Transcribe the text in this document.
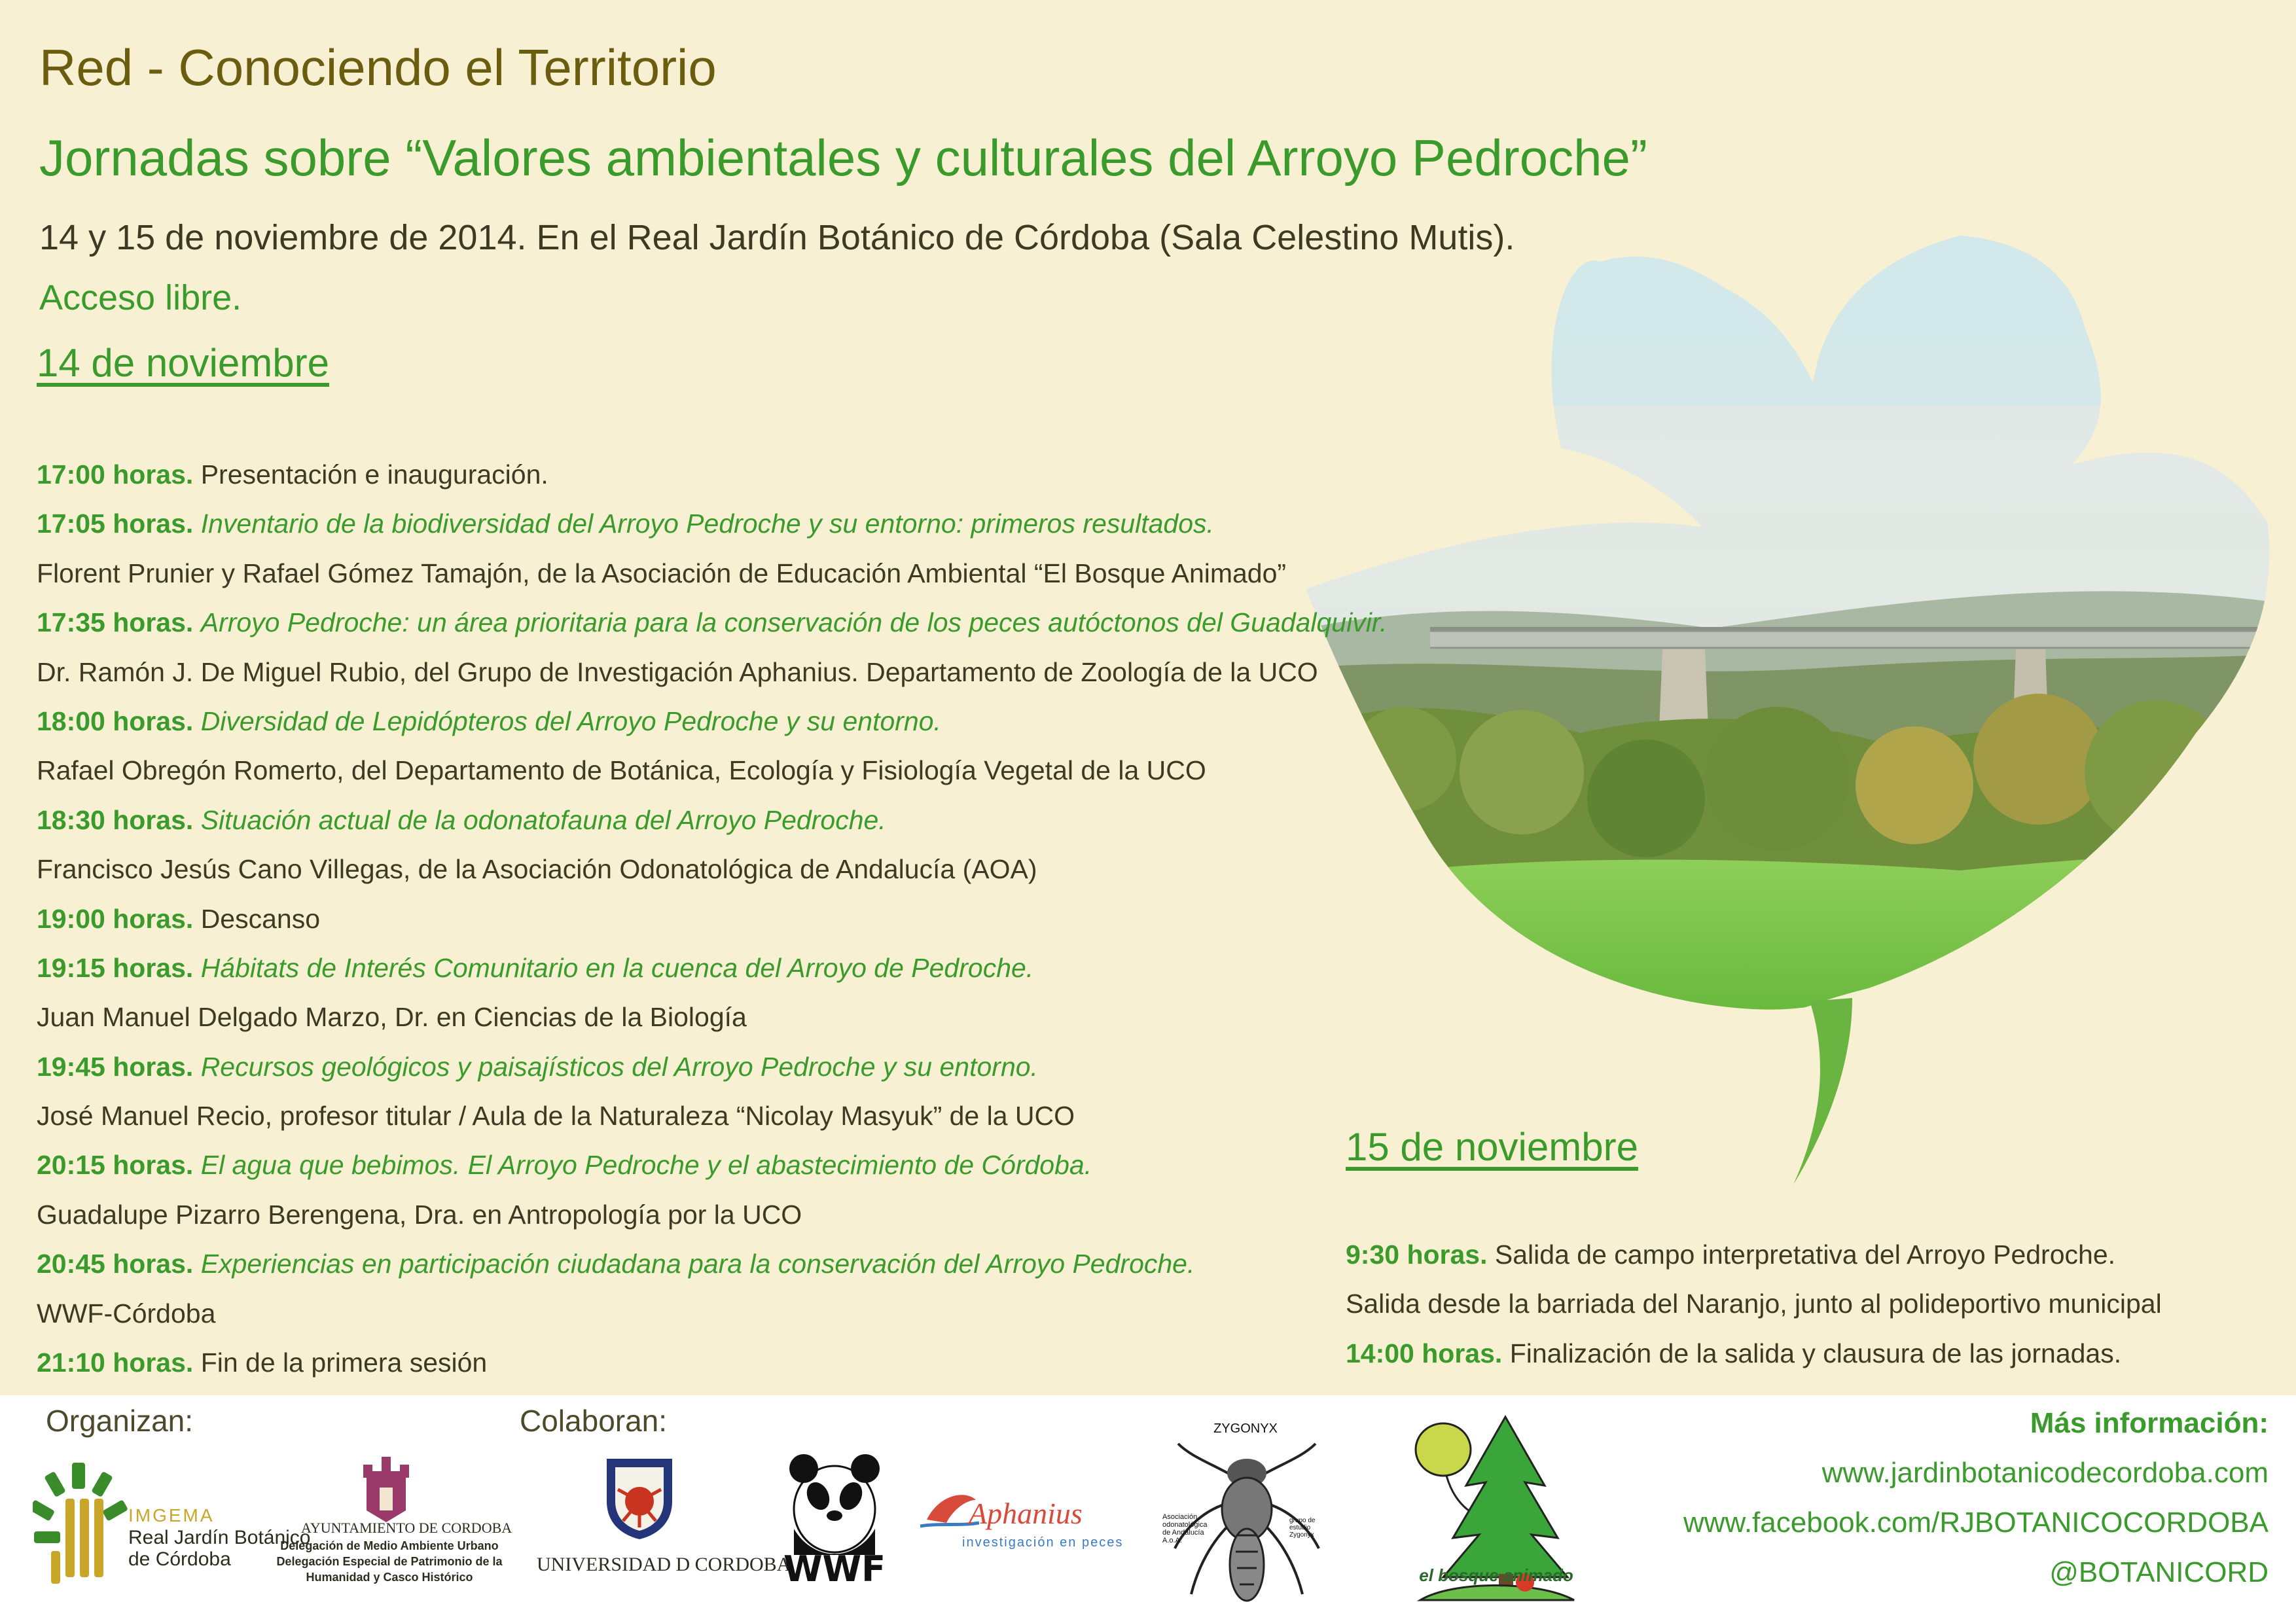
Red - Conociendo el Territorio
Jornadas sobre “Valores ambientales y culturales del Arroyo Pedroche”
14 y 15 de noviembre de 2014. En el Real Jardín Botánico de Córdoba (Sala Celestino Mutis).
Acceso libre.
14 de noviembre
15 de noviembre
17:00 horas. Presentación e inauguración.
17:05 horas. Inventario de la biodiversidad del Arroyo Pedroche y su entorno: primeros resultados.
Florent Prunier y Rafael Gómez Tamajón, de la Asociación de Educación Ambiental “El Bosque Animado”
17:35 horas. Arroyo Pedroche: un área prioritaria para la conservación de los peces autóctonos del Guadalquivir.
Dr. Ramón J. De Miguel Rubio, del Grupo de Investigación Aphanius. Departamento de Zoología de la UCO
18:00 horas. Diversidad de Lepidópteros del Arroyo Pedroche y su entorno.
Rafael Obregón Romerto, del Departamento de Botánica, Ecología y Fisiología Vegetal de la UCO
18:30 horas. Situación actual de la odonatofauna del Arroyo Pedroche.
Francisco Jesús Cano Villegas, de la Asociación Odonatológica de Andalucía (AOA)
19:00 horas. Descanso
19:15 horas. Hábitats de Interés Comunitario en la cuenca del Arroyo de Pedroche.
Juan Manuel Delgado Marzo, Dr. en Ciencias de la Biología
19:45 horas. Recursos geológicos y paisajísticos del Arroyo Pedroche y su entorno.
José Manuel Recio, profesor titular / Aula de la Naturaleza “Nicolay Masyuk” de la UCO
20:15 horas. El agua que bebimos. El Arroyo Pedroche y el abastecimiento de Córdoba.
Guadalupe Pizarro Berengena, Dra. en Antropología por la UCO
20:45 horas. Experiencias en participación ciudadana para la conservación del Arroyo Pedroche.
WWF-Córdoba
21:10 horas. Fin de la primera sesión
9:30 horas. Salida de campo interpretativa del Arroyo Pedroche.
Salida desde la barriada del Naranjo, junto al polideportivo municipal
14:00 horas. Finalización de la salida y clausura de las jornadas.
Organizan:	Colaboran:	Más información:
www.jardinbotanicodecordoba.com
www.facebook.com/RJBOTANICOCORDOBA
@BOTANICORD
IMGEMA
Real Jardín Botánico
de Córdoba
AYUNTAMIENTO DE CORDOBA
Delegación de Medio Ambiente Urbano
Delegación Especial de Patrimonio de la
Humanidad y Casco Histórico
UNIVERSIDAD D CORDOBA
WWF
Aphanius
investigación en peces
ZYGONYX
Asociación odonatológica de Andalucía A.o.A.
grupo de estudio Zygonyx
el bosque animado
